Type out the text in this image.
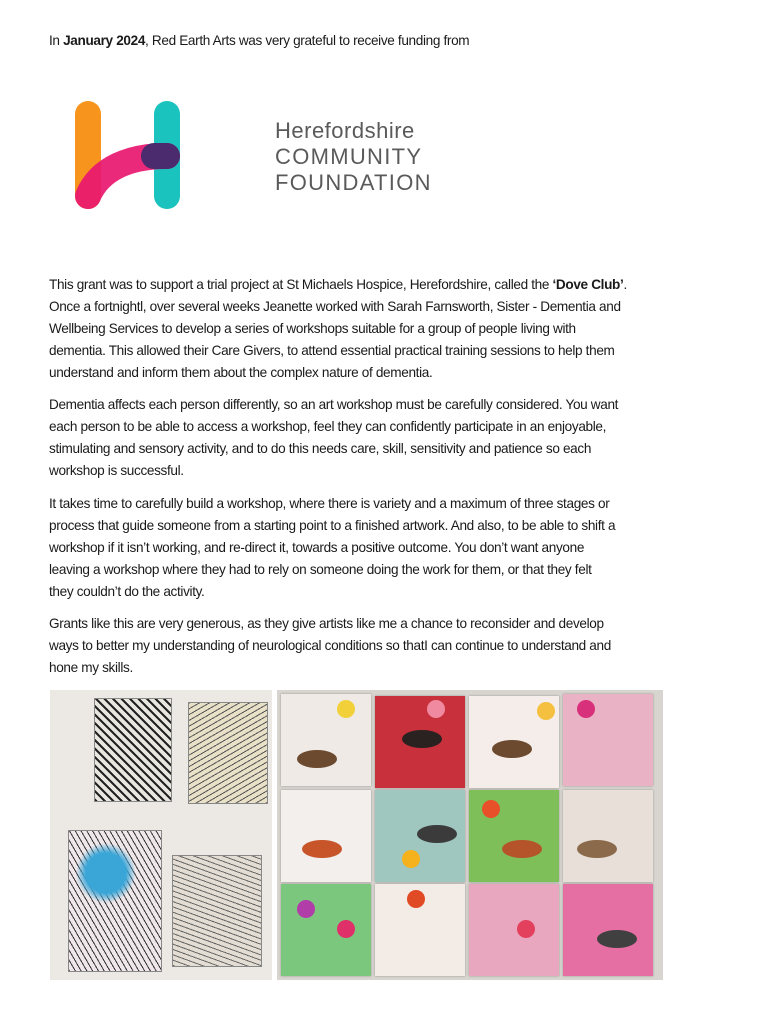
In January 2024, Red Earth Arts was very grateful to receive funding from
Herefordshire
COMMUNITY
FOUNDATION
This grant was to support a trial project at St Michaels Hospice, Herefordshire, called the ‘Dove Club’.
Once a fortnightl, over several weeks Jeanette worked with Sarah Farnsworth, Sister - Dementia and
Wellbeing Services to develop a series of workshops suitable for a group of people living with
dementia. This allowed their Care Givers, to attend essential practical training sessions to help them
understand and inform them about the complex nature of dementia.
Dementia affects each person differently, so an art workshop must be carefully considered. You want
each person to be able to access a workshop, feel they can confidently participate in an enjoyable,
stimulating and sensory activity, and to do this needs care, skill, sensitivity and patience so each
workshop is successful.
It takes time to carefully build a workshop, where there is variety and a maximum of three stages or
process that guide someone from a starting point to a finished artwork. And also, to be able to shift a
workshop if it isn’t working, and re-direct it, towards a positive outcome. You don’t want anyone
leaving a workshop where they had to rely on someone doing the work for them, or that they felt
they couldn’t do the activity.
Grants like this are very generous, as they give artists like me a chance to reconsider and develop
ways to better my understanding of neurological conditions so thatI can continue to understand and
hone my skills.
